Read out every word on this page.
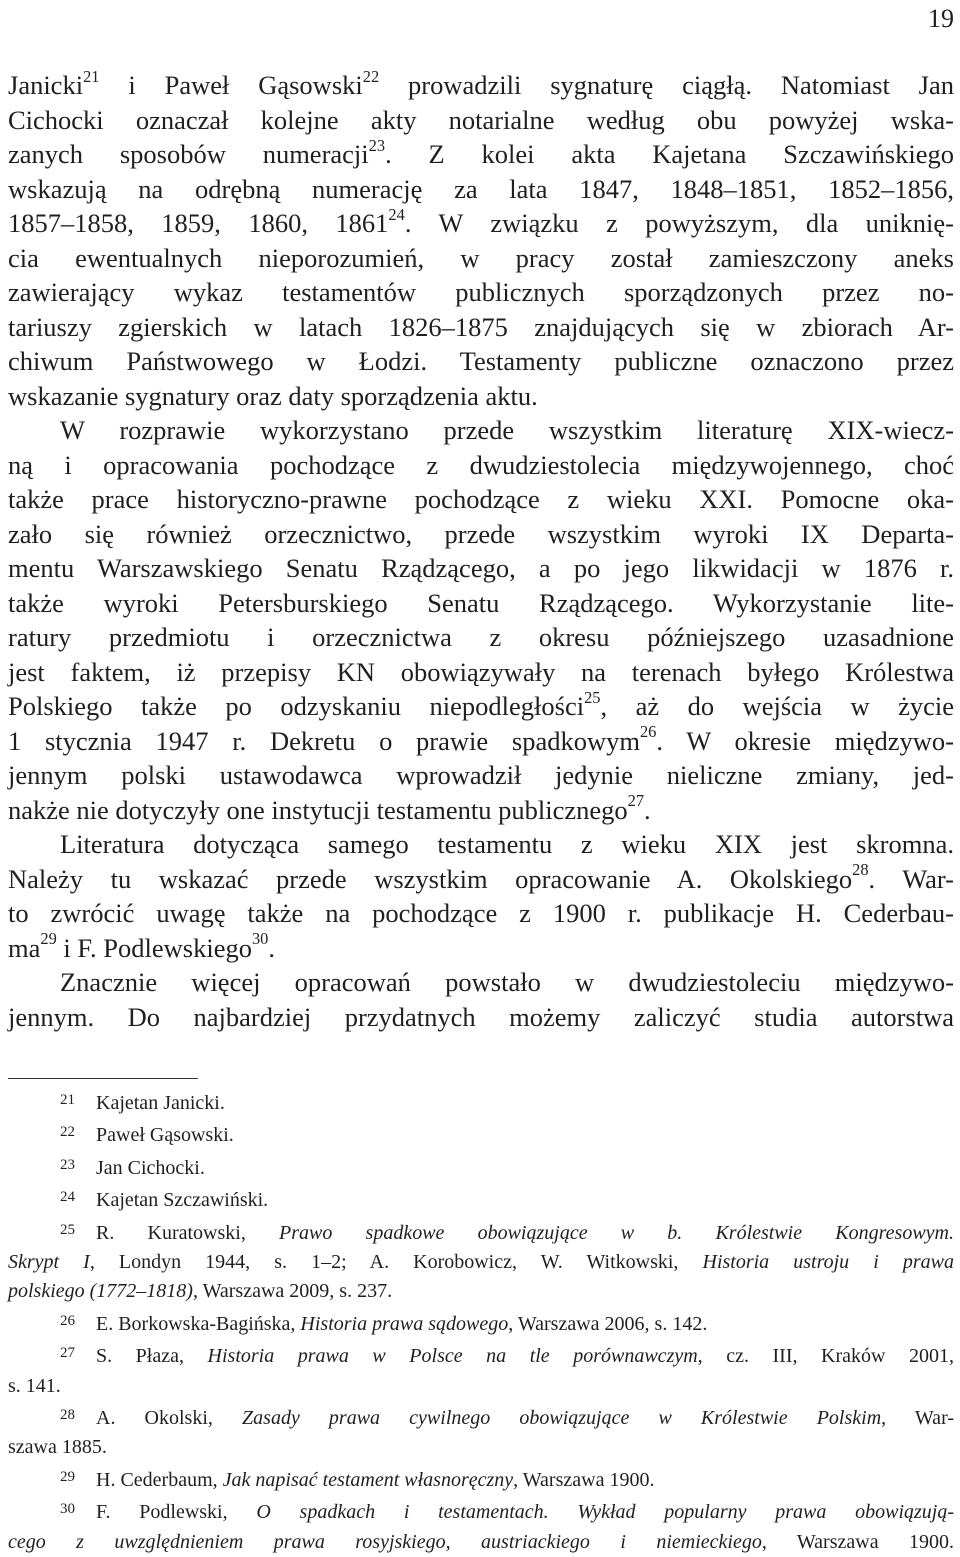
19
Janicki$^{21}$ i Paweł Gąsowski$^{22}$ prowadzili sygnaturę ciągłą. Natomiast Jan
Cichocki oznaczał kolejne akty notarialne według obu powyżej wska-
zanych sposobów numeracji$^{23}$. Z kolei akta Kajetana Szczawińskiego
wskazują na odrębną numerację za lata 1847, 1848–1851, 1852–1856,
1857–1858, 1859, 1860, 1861$^{24}$. W związku z powyższym, dla uniknię-
cia ewentualnych nieporozumień, w pracy został zamieszczony aneks
zawierający wykaz testamentów publicznych sporządzonych przez no-
tariuszy zgierskich w latach 1826–1875 znajdujących się w zbiorach Ar-
chiwum Państwowego w Łodzi. Testamenty publiczne oznaczono przez
wskazanie sygnatury oraz daty sporządzenia aktu.
W rozprawie wykorzystano przede wszystkim literaturę XIX-wiecz-
ną i opracowania pochodzące z dwudziestolecia międzywojennego, choć
także prace historyczno-prawne pochodzące z wieku XXI. Pomocne oka-
zało się również orzecznictwo, przede wszystkim wyroki IX Departa-
mentu Warszawskiego Senatu Rządzącego, a po jego likwidacji w 1876 r.
także wyroki Petersburskiego Senatu Rządzącego. Wykorzystanie lite-
ratury przedmiotu i orzecznictwa z okresu późniejszego uzasadnione
jest faktem, iż przepisy KN obowiązywały na terenach byłego Królestwa
Polskiego także po odzyskaniu niepodległości$^{25}$, aż do wejścia w życie
1 stycznia 1947 r. Dekretu o prawie spadkowym$^{26}$. W okresie międzywo-
jennym polski ustawodawca wprowadził jedynie nieliczne zmiany, jed-
nakże nie dotyczyły one instytucji testamentu publicznego$^{27}$.
Literatura dotycząca samego testamentu z wieku XIX jest skromna.
Należy tu wskazać przede wszystkim opracowanie A. Okolskiego$^{28}$. War-
to zwrócić uwagę także na pochodzące z 1900 r. publikacje H. Cederbau-
$ma^{29}$ i F. Podlewskiego$^{30}$.
Znacznie więcej opracowań powstało w dwudziestoleciu międzywo-
jennym. Do najbardziej przydatnych możemy zaliczyć studia autorstwa
21 Kajetan Janicki.
22 Paweł Gąsowski.
23 Jan Cichocki.
24 Kajetan Szczawiński.
25 R. Kuratowski, Prawo spadkowe obowiązujące w b. Królestwie Kongresowym.
Skrypt I, Londyn 1944, s. 1–2; A. Korobowicz, W. Witkowski, Historia ustroju i prawa
polskiego (1772–1818), Warszawa 2009, s. 237.
26 E. Borkowska-Bagińska, Historia prawa sądowego, Warszawa 2006, s. 142.
27 S. Płaza, Historia prawa w Polsce na tle porównawczym, cz. III, Kraków 2001,
s. 141.
28 A. Okolski, Zasady prawa cywilnego obowiązujące w Królestwie Polskim, War-
szawa 1885.
29 H. Cederbaum, Jak napisać testament własnoręczny, Warszawa 1900.
30 F. Podlewski, O spadkach i testamentach. Wykład popularny prawa obowiązują-
cego z uwzględnieniem prawa rosyjskiego, austriackiego i niemieckiego, Warszawa 1900.
